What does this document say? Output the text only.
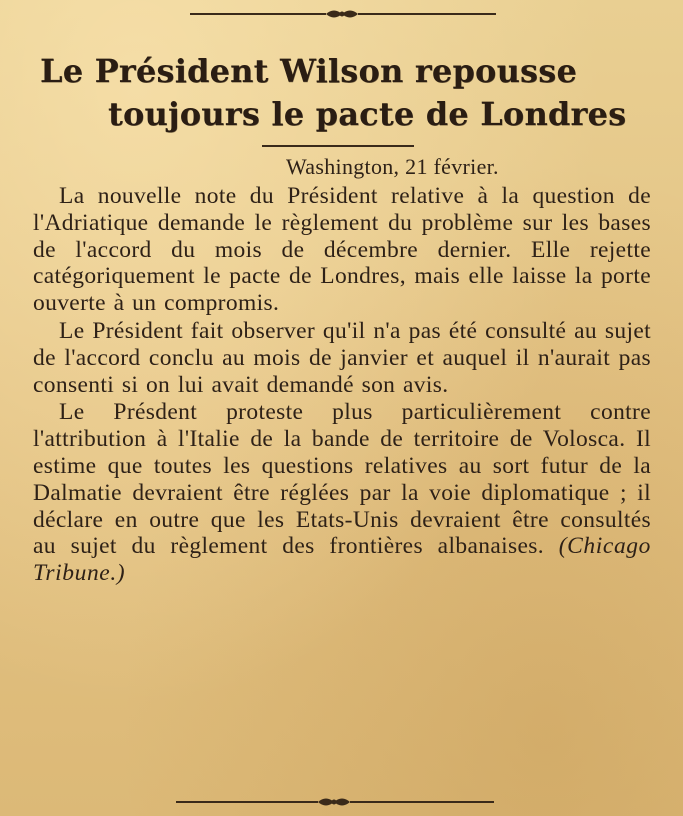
Le Président Wilson repousse
toujours le pacte de Londres
Washington, 21 février.

La nouvelle note du Président relative à la question de l'Adriatique demande le règlement du problème sur les bases de l'accord du mois de décembre dernier. Elle rejette catégoriquement le pacte de Londres, mais elle laisse la porte ouverte à un compromis.

Le Président fait observer qu'il n'a pas été consulté au sujet de l'accord conclu au mois de janvier et auquel il n'aurait pas consenti si on lui avait demandé son avis.

Le Présdent proteste plus particulièrement contre l'attribution à l'Italie de la bande de territoire de Volosca. Il estime que toutes les questions relatives au sort futur de la Dalmatie devraient être réglées par la voie diplomatique ; il déclare en outre que les Etats-Unis devraient être consultés au sujet du règlement des frontières albanaises. (Chicago Tribune.)
